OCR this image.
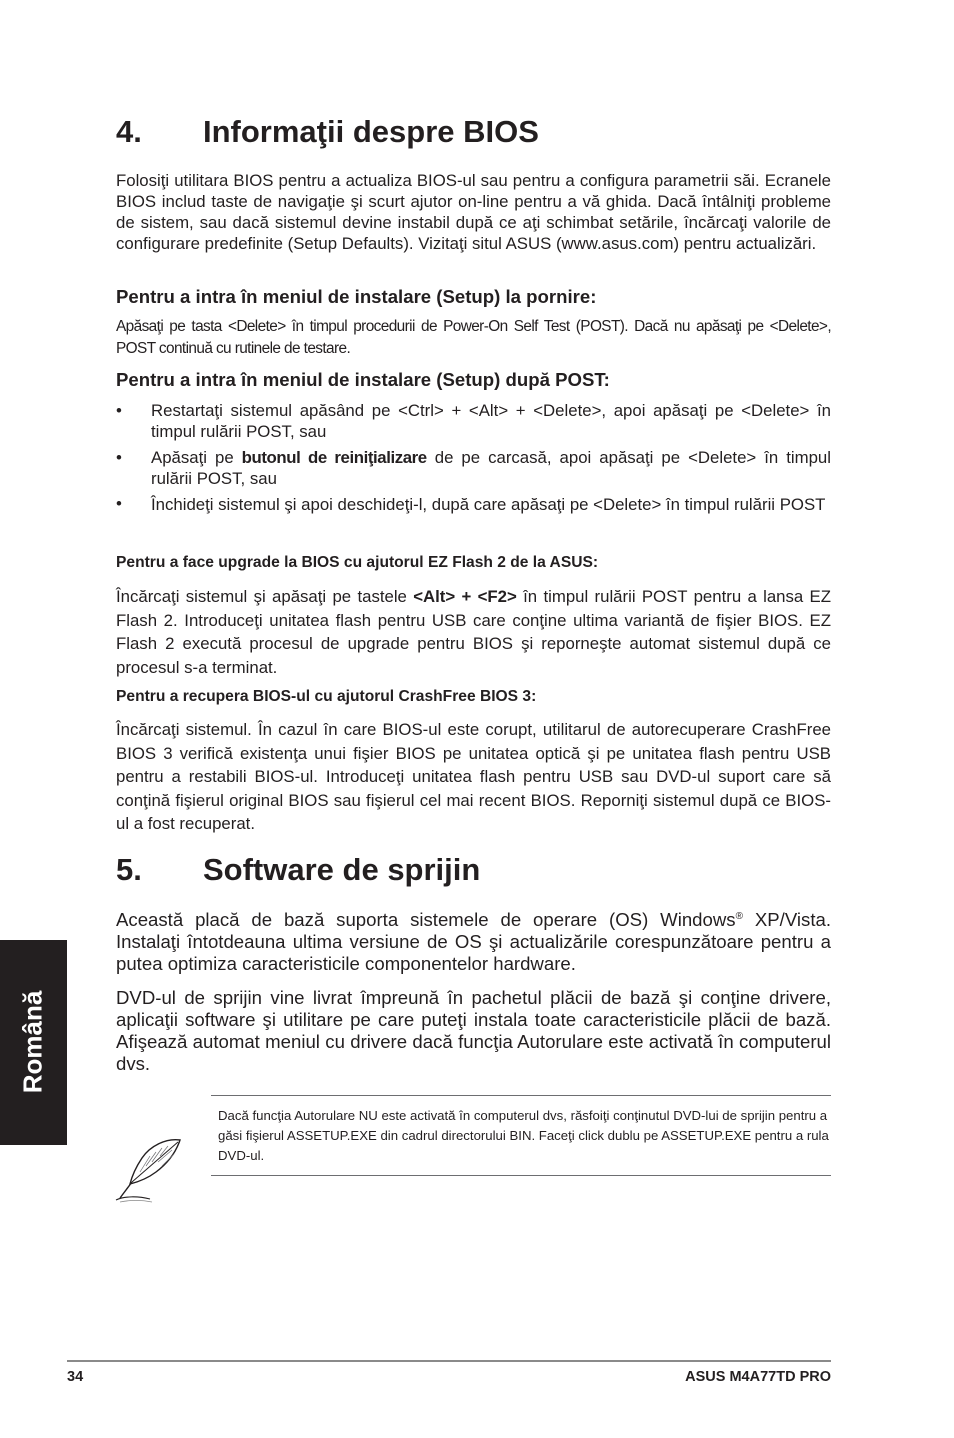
4. Informaţii despre BIOS

Folosiţi utilitara BIOS pentru a actualiza BIOS-ul sau pentru a configura parametrii săi. Ecranele BIOS includ taste de navigaţie şi scurt ajutor on-line pentru a vă ghida. Dacă întâlniţi probleme de sistem, sau dacă sistemul devine instabil după ce aţi schimbat setările, încărcaţi valorile de configurare predefinite (Setup Defaults). Vizitaţi situl ASUS (www.asus.com) pentru actualizări.

Pentru a intra în meniul de instalare (Setup) la pornire:

Apăsaţi pe tasta <Delete> în timpul procedurii de Power-On Self Test (POST). Dacă nu apăsaţi pe <Delete>, POST continuă cu rutinele de testare.

Pentru a intra în meniul de instalare (Setup) după POST:

• Restartaţi sistemul apăsând pe <Ctrl> + <Alt> + <Delete>, apoi apăsaţi pe <Delete> în timpul rulării POST, sau
• Apăsaţi pe butonul de reiniţializare de pe carcasă, apoi apăsaţi pe <Delete> în timpul rulării POST, sau
• Închideţi sistemul şi apoi deschideţi-l, după care apăsaţi pe <Delete> în timpul rulării POST

Pentru a face upgrade la BIOS cu ajutorul EZ Flash 2 de la ASUS:

Încărcaţi sistemul şi apăsaţi pe tastele <Alt> + <F2> în timpul rulării POST pentru a lansa EZ Flash 2. Introduceţi unitatea flash pentru USB care conţine ultima variantă de fişier BIOS. EZ Flash 2 execută procesul de upgrade pentru BIOS şi reporneşte automat sistemul după ce procesul s-a terminat.

Pentru a recupera BIOS-ul cu ajutorul CrashFree BIOS 3:

Încărcaţi sistemul. În cazul în care BIOS-ul este corupt, utilitarul de autorecuperare CrashFree BIOS 3 verifică existenţa unui fişier BIOS pe unitatea optică şi pe unitatea flash pentru USB pentru a restabili BIOS-ul. Introduceţi unitatea flash pentru USB sau DVD-ul suport care să conţină fişierul original BIOS sau fişierul cel mai recent BIOS. Reporniţi sistemul după ce BIOS-ul a fost recuperat.

5. Software de sprijin

Această placă de bază suporta sistemele de operare (OS) Windows® XP/Vista. Instalaţi întotdeauna ultima versiune de OS şi actualizările corespunzătoare pentru a putea optimiza caracteristicile componentelor hardware.

DVD-ul de sprijin vine livrat împreună în pachetul plăcii de bază şi conţine drivere, aplicaţii software şi utilitare pe care puteţi instala toate caracteristicile plăcii de bază. Afişează automat meniul cu drivere dacă funcţia Autorulare este activată în computerul dvs.

Dacă funcţia Autorulare NU este activată în computerul dvs, răsfoiţi conţinutul DVD-lui de sprijin pentru a găsi fişierul ASSETUP.EXE din cadrul directorului BIN. Faceţi click dublu pe ASSETUP.EXE pentru a rula DVD-ul.

Română
34	ASUS M4A77TD PRO
